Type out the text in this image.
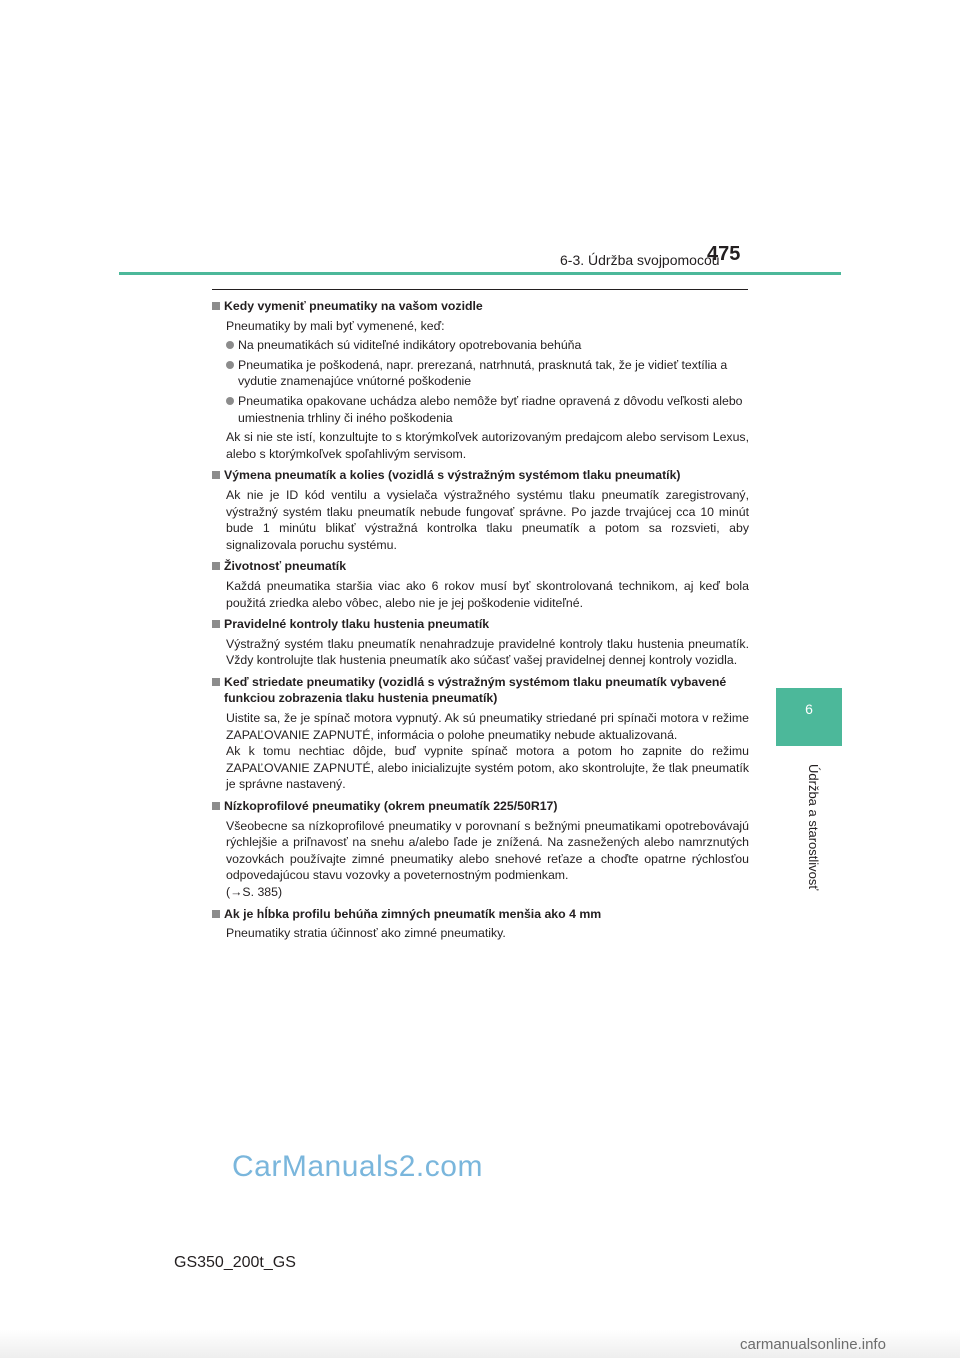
6-3. Údržba svojpomocou
475
6
Údržba a starostlivosť
Kedy vymeniť pneumatiky na vašom vozidle
Pneumatiky by mali byť vymenené, keď:
Na pneumatikách sú viditeľné indikátory opotrebovania behúňa
Pneumatika je poškodená, napr. prerezaná, natrhnutá, prasknutá tak, že je vidieť textília a vydutie znamenajúce vnútorné poškodenie
Pneumatika opakovane uchádza alebo nemôže byť riadne opravená z dôvodu veľkosti alebo umiestnenia trhliny či iného poškodenia
Ak si nie ste istí, konzultujte to s ktorýmkoľvek autorizovaným predajcom alebo servisom Lexus, alebo s ktorýmkoľvek spoľahlivým servisom.
Výmena pneumatík a kolies (vozidlá s výstražným systémom tlaku pneumatík)
Ak nie je ID kód ventilu a vysielača výstražného systému tlaku pneumatík zaregistrovaný, výstražný systém tlaku pneumatík nebude fungovať správne. Po jazde trvajúcej cca 10 minút bude 1 minútu blikať výstražná kontrolka tlaku pneumatík a potom sa rozsvieti, aby signalizovala poruchu systému.
Životnosť pneumatík
Každá pneumatika staršia viac ako 6 rokov musí byť skontrolovaná technikom, aj keď bola použitá zriedka alebo vôbec, alebo nie je jej poškodenie viditeľné.
Pravidelné kontroly tlaku hustenia pneumatík
Výstražný systém tlaku pneumatík nenahradzuje pravidelné kontroly tlaku hustenia pneumatík. Vždy kontrolujte tlak hustenia pneumatík ako súčasť vašej pravidelnej dennej kontroly vozidla.
Keď striedate pneumatiky (vozidlá s výstražným systémom tlaku pneumatík vybavené funkciou zobrazenia tlaku hustenia pneumatík)
Uistite sa, že je spínač motora vypnutý. Ak sú pneumatiky striedané pri spínači motora v režime ZAPAĽOVANIE ZAPNUTÉ, informácia o polohe pneumatiky nebude aktualizovaná.
Ak k tomu nechtiac dôjde, buď vypnite spínač motora a potom ho zapnite do režimu ZAPAĽOVANIE ZAPNUTÉ, alebo inicializujte systém potom, ako skontrolujte, že tlak pneumatík je správne nastavený.
Nízkoprofilové pneumatiky (okrem pneumatík 225/50R17)
Všeobecne sa nízkoprofilové pneumatiky v porovnaní s bežnými pneumatikami opotrebovávajú rýchlejšie a priľnavosť na snehu a/alebo ľade je znížená. Na zasnežených alebo namrznutých vozovkách používajte zimné pneumatiky alebo snehové reťaze a choďte opatrne rýchlosťou odpovedajúcou stavu vozovky a poveternostným podmienkam.
(→S. 385)
Ak je hĺbka profilu behúňa zimných pneumatík menšia ako 4 mm
Pneumatiky stratia účinnosť ako zimné pneumatiky.
CarManuals2.com
GS350_200t_GS
carmanualsonline.info
